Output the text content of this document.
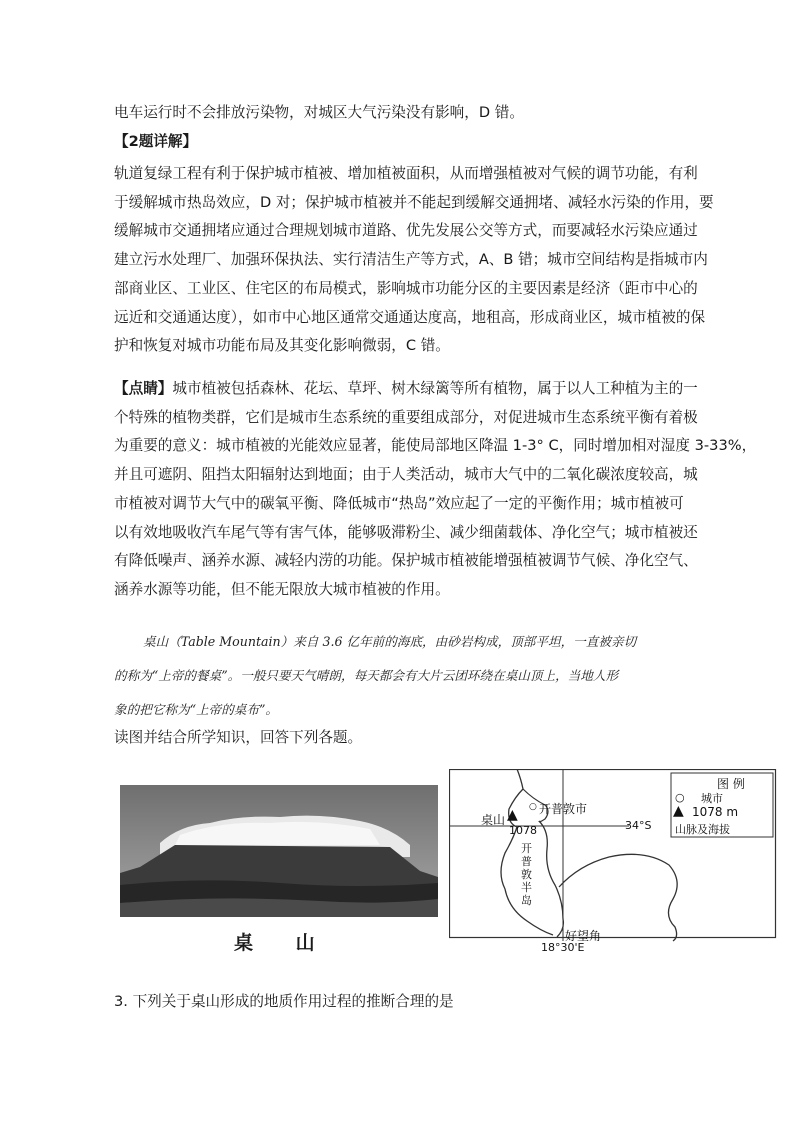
电车运行时不会排放污染物，对城区大气污染没有影响，D 错。
【2题详解】
轨道复绿工程有利于保护城市植被、增加植被面积，从而增强植被对气候的调节功能，有利
于缓解城市热岛效应，D 对；保护城市植被并不能起到缓解交通拥堵、减轻水污染的作用，要
缓解城市交通拥堵应通过合理规划城市道路、优先发展公交等方式，而要减轻水污染应通过
建立污水处理厂、加强环保执法、实行清洁生产等方式，A、B 错；城市空间结构是指城市内
部商业区、工业区、住宅区的布局模式，影响城市功能分区的主要因素是经济（距市中心的
远近和交通通达度），如市中心地区通常交通通达度高，地租高，形成商业区，城市植被的保
护和恢复对城市功能布局及其变化影响微弱，C 错。
【点睛】城市植被包括森林、花坛、草坪、树木绿篱等所有植物，属于以人工种植为主的一
个特殊的植物类群，它们是城市生态系统的重要组成部分，对促进城市生态系统平衡有着极
为重要的意义：城市植被的光能效应显著，能使局部地区降温 1-3° C，同时增加相对湿度 3-33%，
并且可遮阴、阻挡太阳辐射达到地面；由于人类活动，城市大气中的二氧化碳浓度较高，城
市植被对调节大气中的碳氧平衡、降低城市“热岛”效应起了一定的平衡作用；城市植被可
以有效地吸收汽车尾气等有害气体，能够吸滞粉尘、减少细菌载体、净化空气；城市植被还
有降低噪声、涵养水源、减轻内涝的功能。保护城市植被能增强植被调节气候、净化空气、
涵养水源等功能，但不能无限放大城市植被的作用。
桌山（Table Mountain）来自 3.6 亿年前的海底，由砂岩构成，顶部平坦，一直被亲切
的称为“上帝的餐桌”。一般只要天气晴朗，每天都会有大片云团环绕在桌山顶上，当地人形
象的把它称为“上帝的桌布”。
读图并结合所学知识，回答下列各题。
桌 山
图 例
○ 城市
▲ 1078 m
山脉及海拔
桌山 ▲
1078
○ 开普敦市
34°S
开
普
敦
半
岛
好望角
18°30'E
3. 下列关于桌山形成的地质作用过程的推断合理的是
